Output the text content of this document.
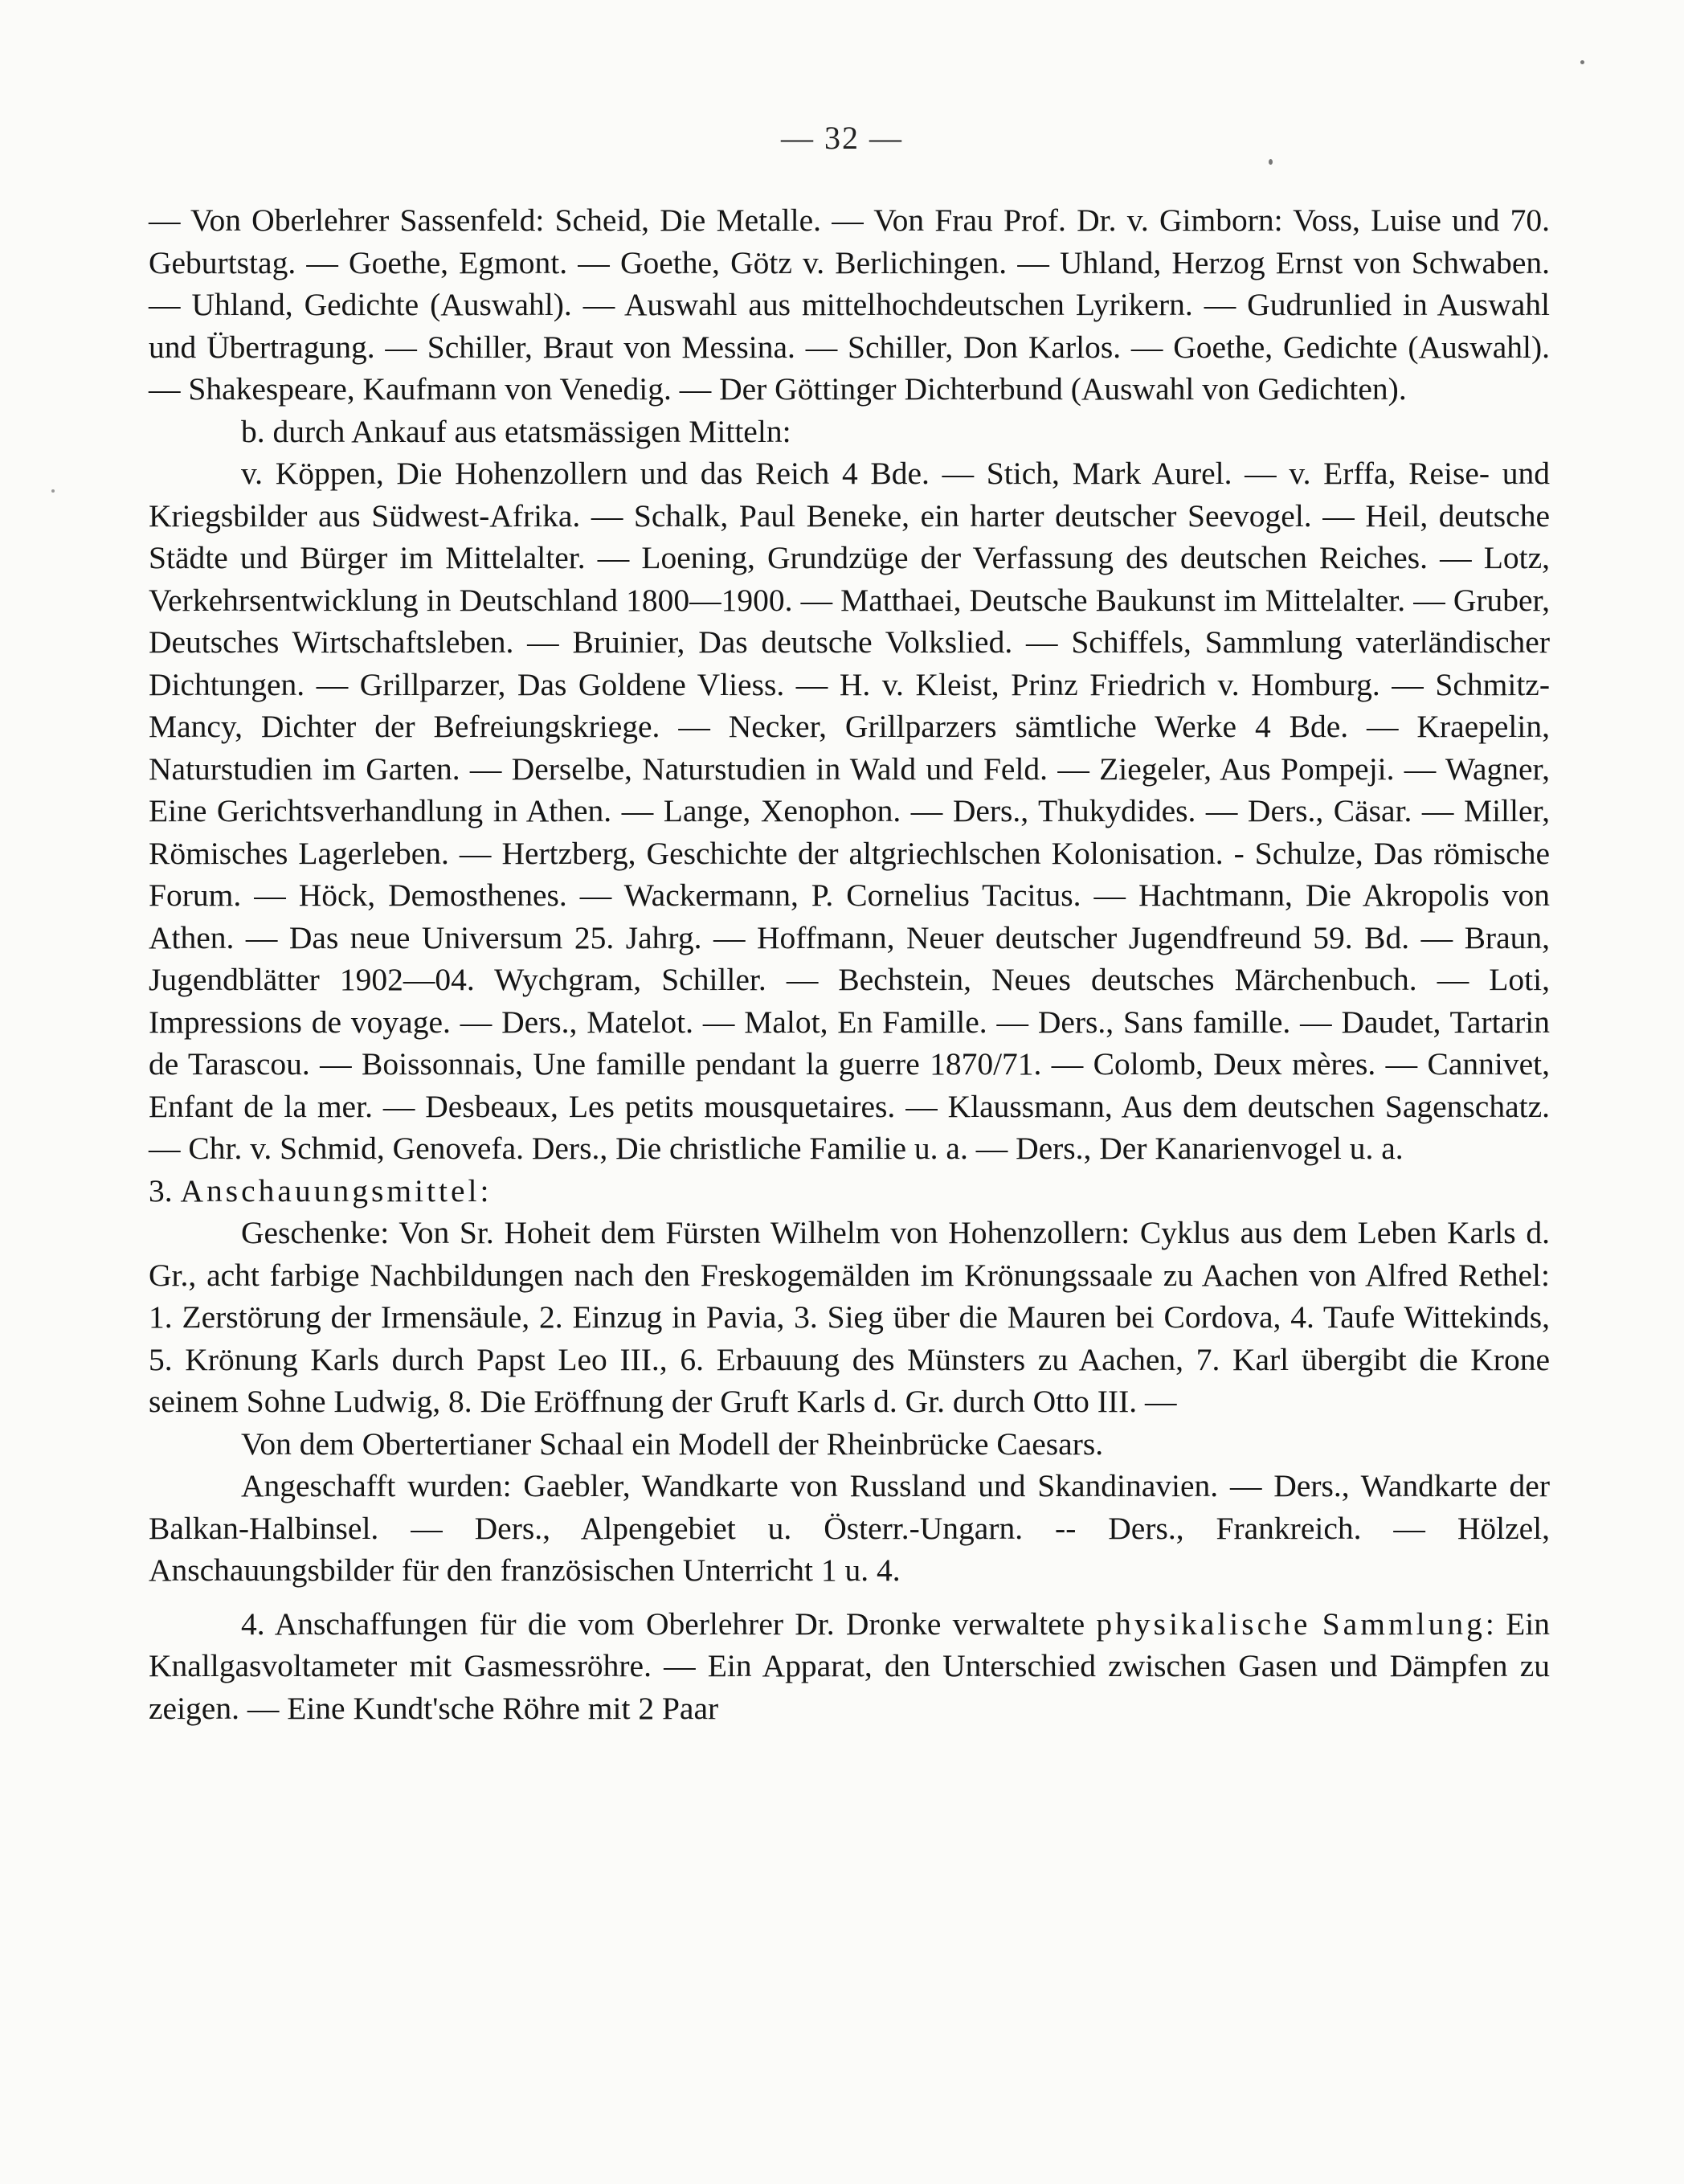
— 32 —

— Von Oberlehrer Sassenfeld: Scheid, Die Metalle. — Von Frau Prof. Dr. v. Gimborn: Voss, Luise und 70. Geburtstag. — Goethe, Egmont. — Goethe, Götz v. Berlichingen. — Uhland, Herzog Ernst von Schwaben. — Uhland, Gedichte (Auswahl). — Auswahl aus mittelhochdeutschen Lyrikern. — Gudrunlied in Auswahl und Übertragung. — Schiller, Braut von Messina. — Schiller, Don Karlos. — Goethe, Gedichte (Auswahl). — Shakespeare, Kaufmann von Venedig. — Der Göttinger Dichterbund (Auswahl von Gedichten).

b. durch Ankauf aus etatsmässigen Mitteln:

v. Köppen, Die Hohenzollern und das Reich 4 Bde. — Stich, Mark Aurel. — v. Erffa, Reise- und Kriegsbilder aus Südwest-Afrika. — Schalk, Paul Beneke, ein harter deutscher Seevogel. — Heil, deutsche Städte und Bürger im Mittelalter. — Loening, Grundzüge der Verfassung des deutschen Reiches. — Lotz, Verkehrsentwicklung in Deutschland 1800—1900. — Matthaei, Deutsche Baukunst im Mittelalter. — Gruber, Deutsches Wirtschaftsleben. — Bruinier, Das deutsche Volkslied. — Schiffels, Sammlung vaterländischer Dichtungen. — Grillparzer, Das Goldene Vliess. — H. v. Kleist, Prinz Friedrich v. Homburg. — Schmitz-Mancy, Dichter der Befreiungskriege. — Necker, Grillparzers sämtliche Werke 4 Bde. — Kraepelin, Naturstudien im Garten. — Derselbe, Naturstudien in Wald und Feld. — Ziegeler, Aus Pompeji. — Wagner, Eine Gerichtsverhandlung in Athen. — Lange, Xenophon. — Ders., Thukydides. — Ders., Cäsar. — Miller, Römisches Lagerleben. — Hertzberg, Geschichte der altgriechlschen Kolonisation. - Schulze, Das römische Forum. — Höck, Demosthenes. — Wackermann, P. Cornelius Tacitus. — Hachtmann, Die Akropolis von Athen. — Das neue Universum 25. Jahrg. — Hoffmann, Neuer deutscher Jugendfreund 59. Bd. — Braun, Jugendblätter 1902—04. Wychgram, Schiller. — Bechstein, Neues deutsches Märchenbuch. — Loti, Impressions de voyage. — Ders., Matelot. — Malot, En Famille. — Ders., Sans famille. — Daudet, Tartarin de Tarascou. — Boissonnais, Une famille pendant la guerre 1870/71. — Colomb, Deux mères. — Cannivet, Enfant de la mer. — Desbeaux, Les petits mousquetaires. — Klaussmann, Aus dem deutschen Sagenschatz. — Chr. v. Schmid, Genovefa. Ders., Die christliche Familie u. a. — Ders., Der Kanarienvogel u. a.

3. Anschauungsmittel:

Geschenke: Von Sr. Hoheit dem Fürsten Wilhelm von Hohenzollern: Cyklus aus dem Leben Karls d. Gr., acht farbige Nachbildungen nach den Freskogemälden im Krönungssaale zu Aachen von Alfred Rethel: 1. Zerstörung der Irmensäule, 2. Einzug in Pavia, 3. Sieg über die Mauren bei Cordova, 4. Taufe Wittekinds, 5. Krönung Karls durch Papst Leo III., 6. Erbauung des Münsters zu Aachen, 7. Karl übergibt die Krone seinem Sohne Ludwig, 8. Die Eröffnung der Gruft Karls d. Gr. durch Otto III. —

Von dem Obertertianer Schaal ein Modell der Rheinbrücke Caesars.

Angeschafft wurden: Gaebler, Wandkarte von Russland und Skandinavien. — Ders., Wandkarte der Balkan-Halbinsel. — Ders., Alpengebiet u. Österr.-Ungarn. -- Ders., Frankreich. — Hölzel, Anschauungsbilder für den französischen Unterricht 1 u. 4.

4. Anschaffungen für die vom Oberlehrer Dr. Dronke verwaltete physikalische Sammlung: Ein Knallgasvoltameter mit Gasmessröhre. — Ein Apparat, den Unterschied zwischen Gasen und Dämpfen zu zeigen. — Eine Kundt'sche Röhre mit 2 Paar
